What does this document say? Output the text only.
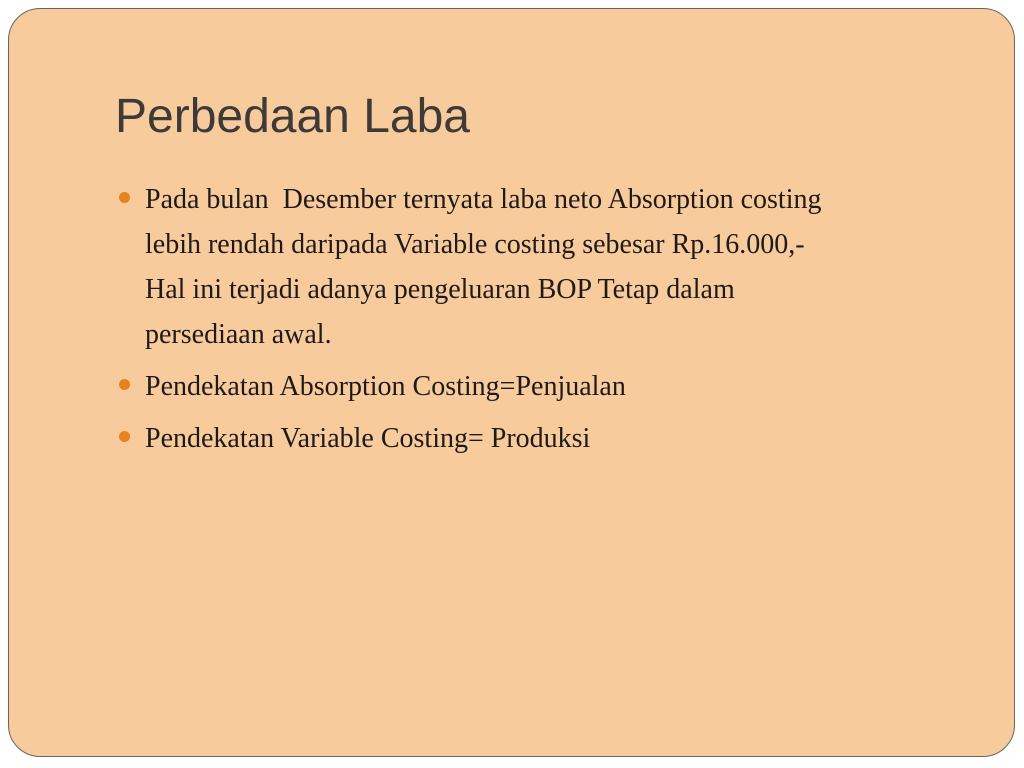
Perbedaan Laba
Pada bulan  Desember ternyata laba neto Absorption costing
lebih rendah daripada Variable costing sebesar Rp.16.000,-
Hal ini terjadi adanya pengeluaran BOP Tetap dalam
persediaan awal.
Pendekatan Absorption Costing=Penjualan
Pendekatan Variable Costing= Produksi
